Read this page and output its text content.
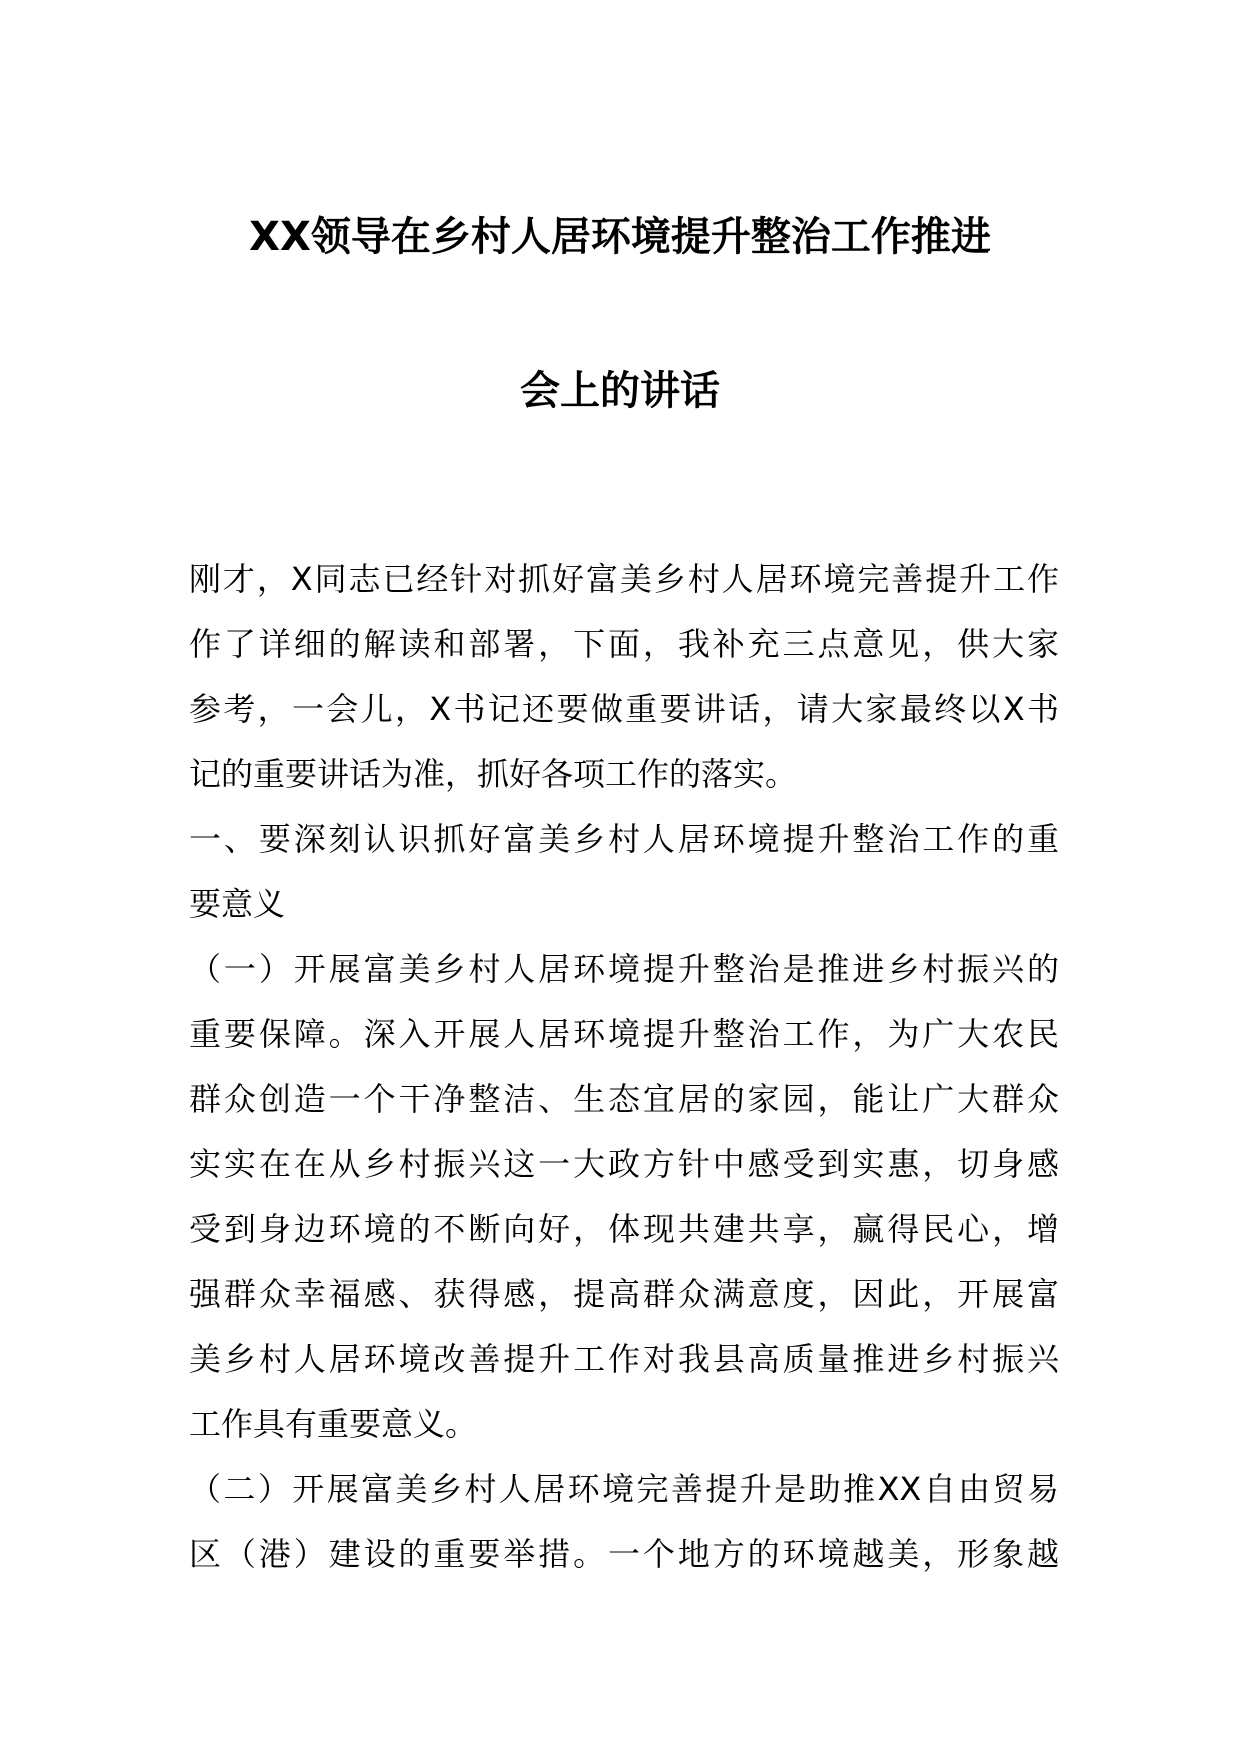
XX领导在乡村人居环境提升整治工作推进
会上的讲话
刚才，X同志已经针对抓好富美乡村人居环境完善提升工作
作了详细的解读和部署，下面，我补充三点意见，供大家
参考，一会儿，X书记还要做重要讲话，请大家最终以X书
记的重要讲话为准，抓好各项工作的落实。
一、要深刻认识抓好富美乡村人居环境提升整治工作的重
要意义
（一）开展富美乡村人居环境提升整治是推进乡村振兴的
重要保障。深入开展人居环境提升整治工作，为广大农民
群众创造一个干净整洁、生态宜居的家园，能让广大群众
实实在在从乡村振兴这一大政方针中感受到实惠，切身感
受到身边环境的不断向好，体现共建共享，赢得民心，增
强群众幸福感、获得感，提高群众满意度，因此，开展富
美乡村人居环境改善提升工作对我县高质量推进乡村振兴
工作具有重要意义。
（二）开展富美乡村人居环境完善提升是助推XX自由贸易
区（港）建设的重要举措。一个地方的环境越美，形象越
